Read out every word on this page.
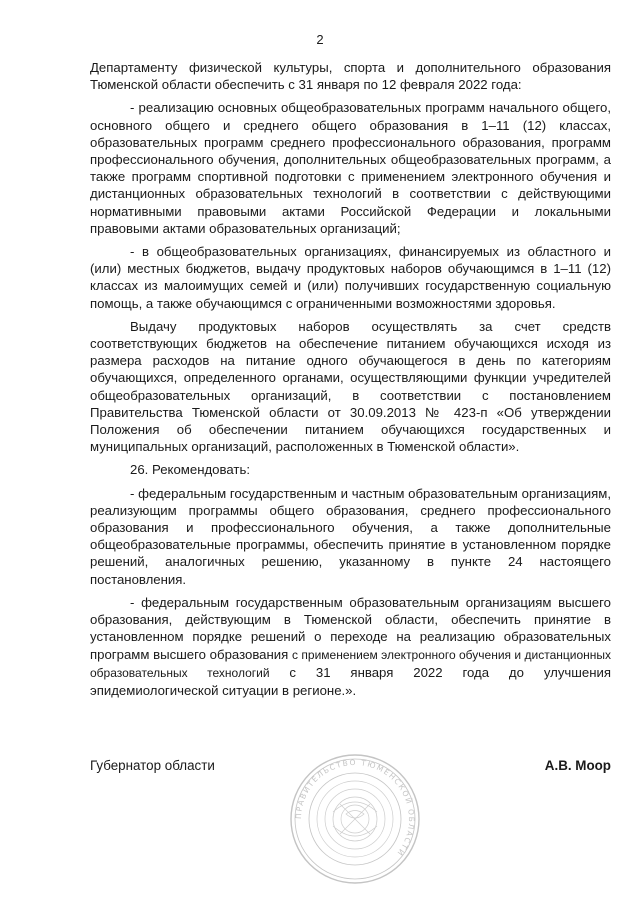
2

Департаменту физической культуры, спорта и дополнительного образования Тюменской области обеспечить с 31 января по 12 февраля 2022 года:

- реализацию основных общеобразовательных программ начального общего, основного общего и среднего общего образования в 1–11 (12) классах, образовательных программ среднего профессионального образования, программ профессионального обучения, дополнительных общеобразовательных программ, а также программ спортивной подготовки с применением электронного обучения и дистанционных образовательных технологий в соответствии с действующими нормативными правовыми актами Российской Федерации и локальными правовыми актами образовательных организаций;

- в общеобразовательных организациях, финансируемых из областного и (или) местных бюджетов, выдачу продуктовых наборов обучающимся в 1–11 (12) классах из малоимущих семей и (или) получивших государственную социальную помощь, а также обучающимся с ограниченными возможностями здоровья.

Выдачу продуктовых наборов осуществлять за счет средств соответствующих бюджетов на обеспечение питанием обучающихся исходя из размера расходов на питание одного обучающегося в день по категориям обучающихся, определенного органами, осуществляющими функции учредителей общеобразовательных организаций, в соответствии с постановлением Правительства Тюменской области от 30.09.2013 № 423-п «Об утверждении Положения об обеспечении питанием обучающихся государственных и муниципальных организаций, расположенных в Тюменской области».

26. Рекомендовать:

- федеральным государственным и частным образовательным организациям, реализующим программы общего образования, среднего профессионального образования и профессионального обучения, а также дополнительные общеобразовательные программы, обеспечить принятие в установленном порядке решений, аналогичных решению, указанному в пункте 24 настоящего постановления.

- федеральным государственным образовательным организациям высшего образования, действующим в Тюменской области, обеспечить принятие в установленном порядке решений о переходе на реализацию образовательных программ высшего образования с применением электронного обучения и дистанционных образовательных технологий с 31 января 2022 года до улучшения эпидемиологической ситуации в регионе.».

Губернатор области	А.В. Моор
ПРАВИТЕЛЬСТВО ТЮМЕНСКОЙ ОБЛАСТИ
